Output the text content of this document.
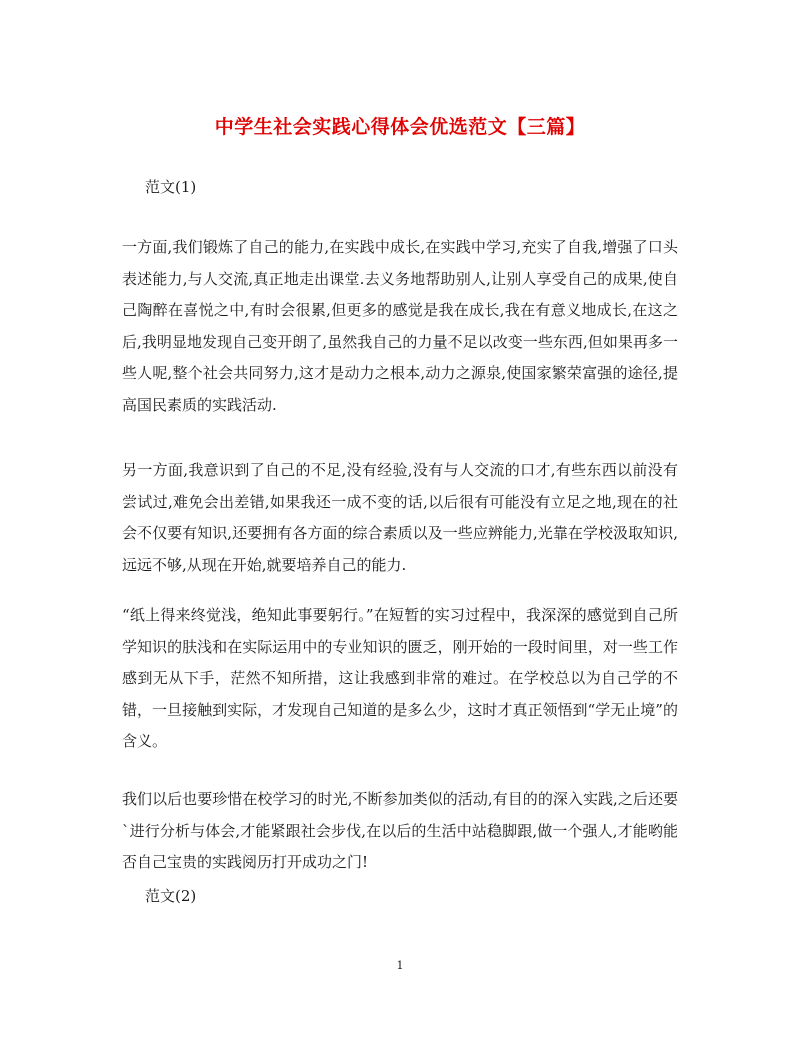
中学生社会实践心得体会优选范文【三篇】
范文(1)

一方面,我们锻炼了自己的能力,在实践中成长,在实践中学习,充实了自我,增强了口头表述能力,与人交流,真正地走出课堂.去义务地帮助别人,让别人享受自己的成果,使自己陶醉在喜悦之中,有时会很累,但更多的感觉是我在成长,我在有意义地成长,在这之后,我明显地发现自己变开朗了,虽然我自己的力量不足以改变一些东西,但如果再多一些人呢,整个社会共同努力,这才是动力之根本,动力之源泉,使国家繁荣富强的途径,提高国民素质的实践活动.

另一方面,我意识到了自己的不足,没有经验,没有与人交流的口才,有些东西以前没有尝试过,难免会出差错,如果我还一成不变的话,以后很有可能没有立足之地,现在的社会不仅要有知识,还要拥有各方面的综合素质以及一些应辨能力,光靠在学校汲取知识,远远不够,从现在开始,就要培养自己的能力.

“纸上得来终觉浅，绝知此事要躬行。”在短暂的实习过程中，我深深的感觉到自己所学知识的肤浅和在实际运用中的专业知识的匮乏，刚开始的一段时间里，对一些工作感到无从下手，茫然不知所措，这让我感到非常的难过。在学校总以为自己学的不错，一旦接触到实际，才发现自己知道的是多么少，这时才真正领悟到“学无止境”的含义。

我们以后也要珍惜在校学习的时光,不断参加类似的活动,有目的的深入实践,之后还要`进行分析与体会,才能紧跟社会步伐,在以后的生活中站稳脚跟,做一个强人,才能哟能否自己宝贵的实践阅历打开成功之门!

范文(2)
1
